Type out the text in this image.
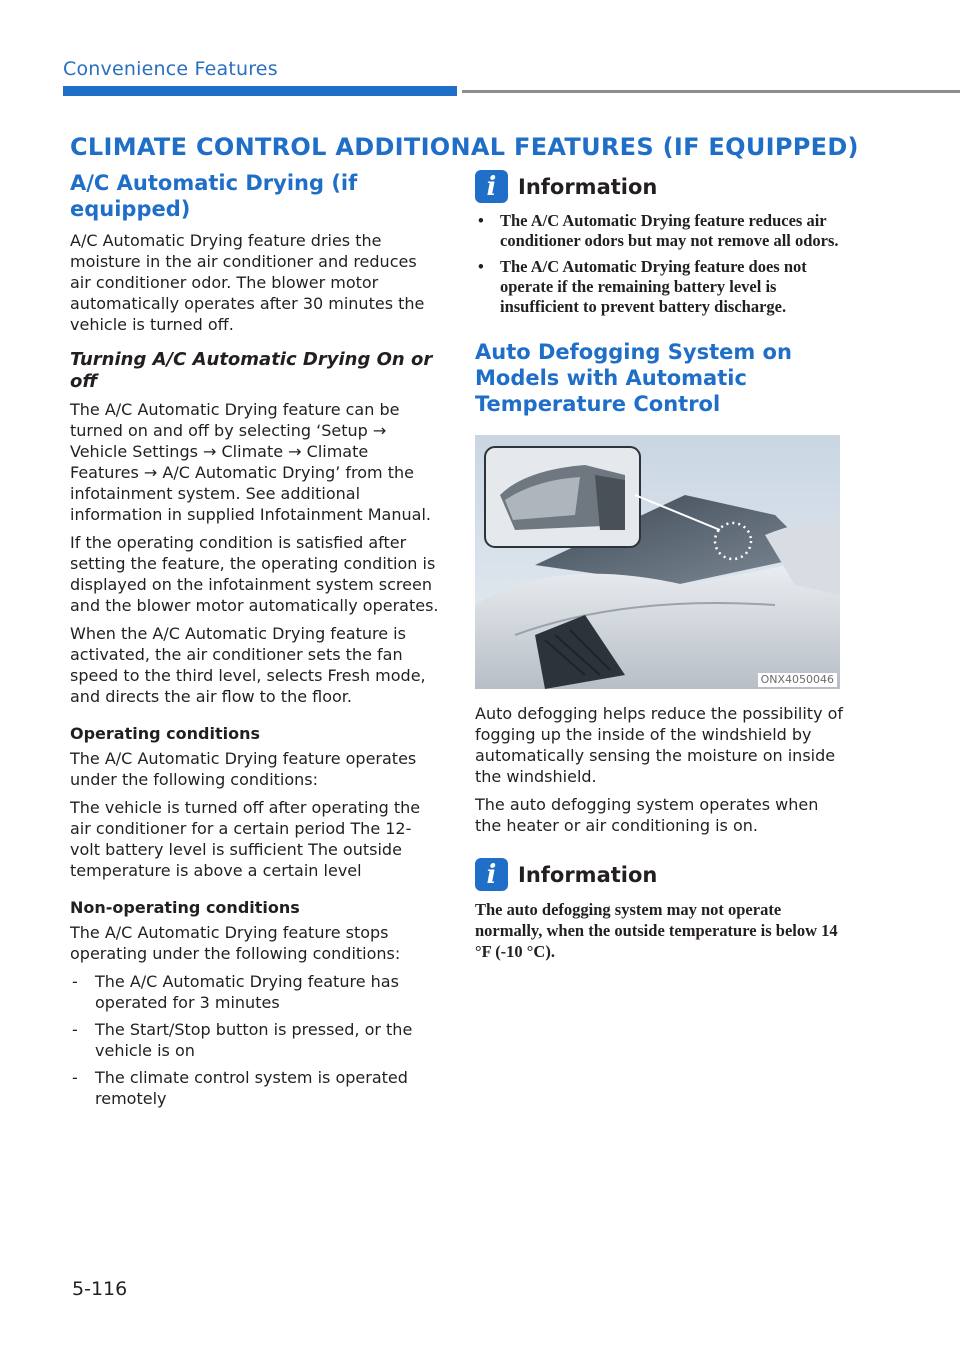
Convenience Features
CLIMATE CONTROL ADDITIONAL FEATURES (IF EQUIPPED)
A/C Automatic Drying (if equipped)

A/C Automatic Drying feature dries the moisture in the air conditioner and reduces air conditioner odor. The blower motor automatically operates after 30 minutes the vehicle is turned off.

Turning A/C Automatic Drying On or off

The A/C Automatic Drying feature can be turned on and off by selecting ‘Setup → Vehicle Settings → Climate → Climate Features → A/C Automatic Drying’ from the infotainment system. See additional information in supplied Infotainment Manual.

If the operating condition is satisfied after setting the feature, the operating condition is displayed on the infotainment system screen and the blower motor automatically operates.

When the A/C Automatic Drying feature is activated, the air conditioner sets the fan speed to the third level, selects Fresh mode, and directs the air flow to the floor.

Operating conditions

The A/C Automatic Drying feature operates under the following conditions:

The vehicle is turned off after operating the air conditioner for a certain period The 12-volt battery level is sufficient The outside temperature is above a certain level

Non-operating conditions

The A/C Automatic Drying feature stops operating under the following conditions:

- The A/C Automatic Drying feature has operated for 3 minutes
- The Start/Stop button is pressed, or the vehicle is on
- The climate control system is operated remotely
i Information
• The A/C Automatic Drying feature reduces air conditioner odors but may not remove all odors.
• The A/C Automatic Drying feature does not operate if the remaining battery level is insufficient to prevent battery discharge.
Auto Defogging System on Models with Automatic Temperature Control
ONX4050046

Auto defogging helps reduce the possibility of fogging up the inside of the windshield by automatically sensing the moisture on inside the windshield.

The auto defogging system operates when the heater or air conditioning is on.

i Information

The auto defogging system may not operate normally, when the outside temperature is below 14 °F (-10 °C).

5-116
